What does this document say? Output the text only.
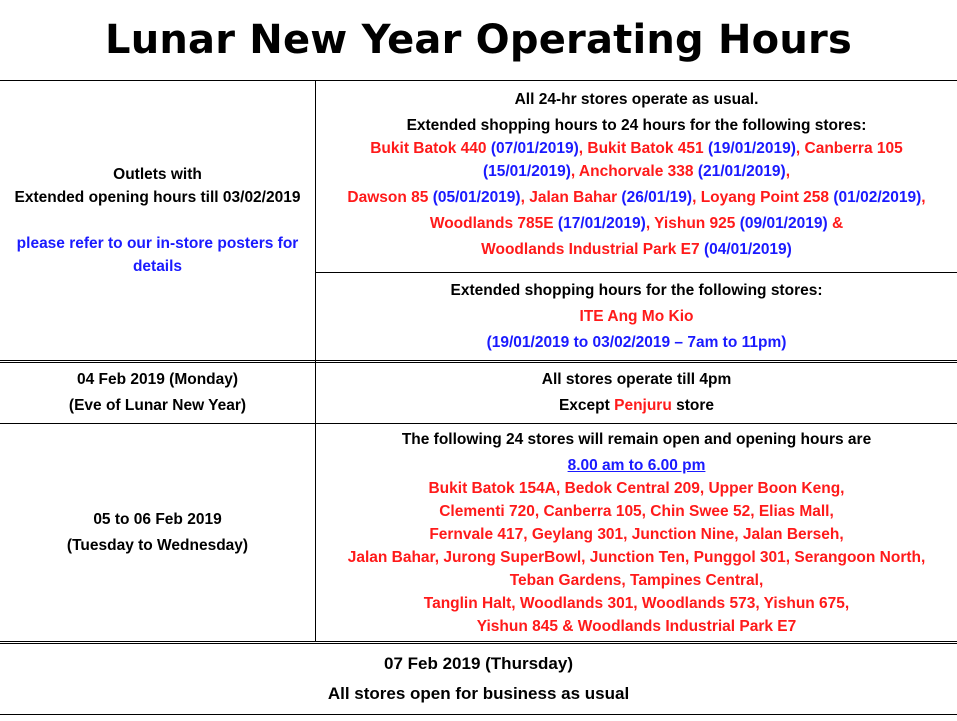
Lunar New Year Operating Hours
Outlets with
Extended opening hours till 03/02/2019
please refer to our in-store posters for details
All 24-hr stores operate as usual.
Extended shopping hours to 24 hours for the following stores:
Bukit Batok 440 (07/01/2019), Bukit Batok 451 (19/01/2019), Canberra 105
(15/01/2019), Anchorvale 338 (21/01/2019),
Dawson 85 (05/01/2019), Jalan Bahar (26/01/19), Loyang Point 258 (01/02/2019),
Woodlands 785E (17/01/2019), Yishun 925 (09/01/2019) &
Woodlands Industrial Park E7 (04/01/2019)
Extended shopping hours for the following stores:
ITE Ang Mo Kio
(19/01/2019 to 03/02/2019 – 7am to 11pm)
04 Feb 2019 (Monday)
(Eve of Lunar New Year)
All stores operate till 4pm
Except Penjuru store
05 to 06 Feb 2019
(Tuesday to Wednesday)
The following 24 stores will remain open and opening hours are
8.00 am to 6.00 pm
Bukit Batok 154A, Bedok Central 209, Upper Boon Keng,
Clementi 720, Canberra 105, Chin Swee 52, Elias Mall,
Fernvale 417, Geylang 301, Junction Nine, Jalan Berseh,
Jalan Bahar, Jurong SuperBowl, Junction Ten, Punggol 301, Serangoon North,
Teban Gardens, Tampines Central,
Tanglin Halt, Woodlands 301, Woodlands 573, Yishun 675,
Yishun 845 & Woodlands Industrial Park E7
07 Feb 2019 (Thursday)
All stores open for business as usual
